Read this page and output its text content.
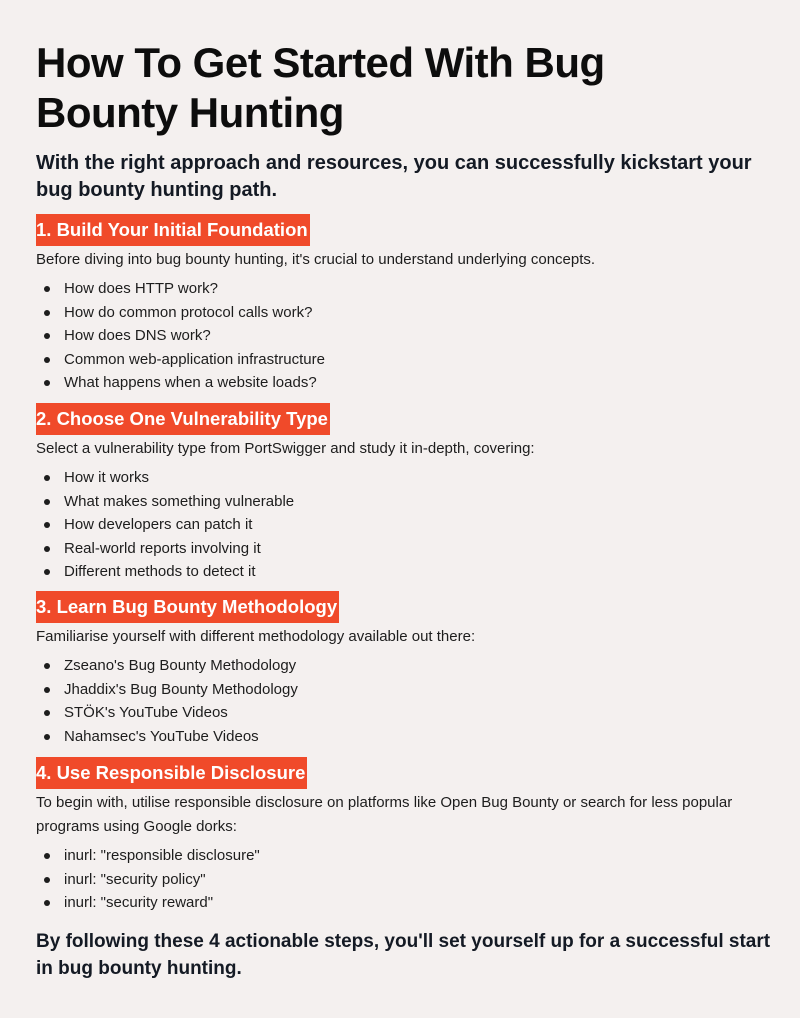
How To Get Started With Bug Bounty Hunting

With the right approach and resources, you can successfully kickstart your bug bounty hunting path.

1. Build Your Initial Foundation

Before diving into bug bounty hunting, it's crucial to understand underlying concepts.

How does HTTP work?
How do common protocol calls work?
How does DNS work?
Common web-application infrastructure
What happens when a website loads?
2. Choose One Vulnerability Type

Select a vulnerability type from PortSwigger and study it in-depth, covering:

How it works
What makes something vulnerable
How developers can patch it
Real-world reports involving it
Different methods to detect it
3. Learn Bug Bounty Methodology

Familiarise yourself with different methodology available out there:

Zseano's Bug Bounty Methodology
Jhaddix's Bug Bounty Methodology
STÖK's YouTube Videos
Nahamsec's YouTube Videos
4. Use Responsible Disclosure

To begin with, utilise responsible disclosure on platforms like Open Bug Bounty or search for less popular programs using Google dorks:

inurl: "responsible disclosure"
inurl: "security policy"
inurl: "security reward"

By following these 4 actionable steps, you'll set yourself up for a successful start in bug bounty hunting.
